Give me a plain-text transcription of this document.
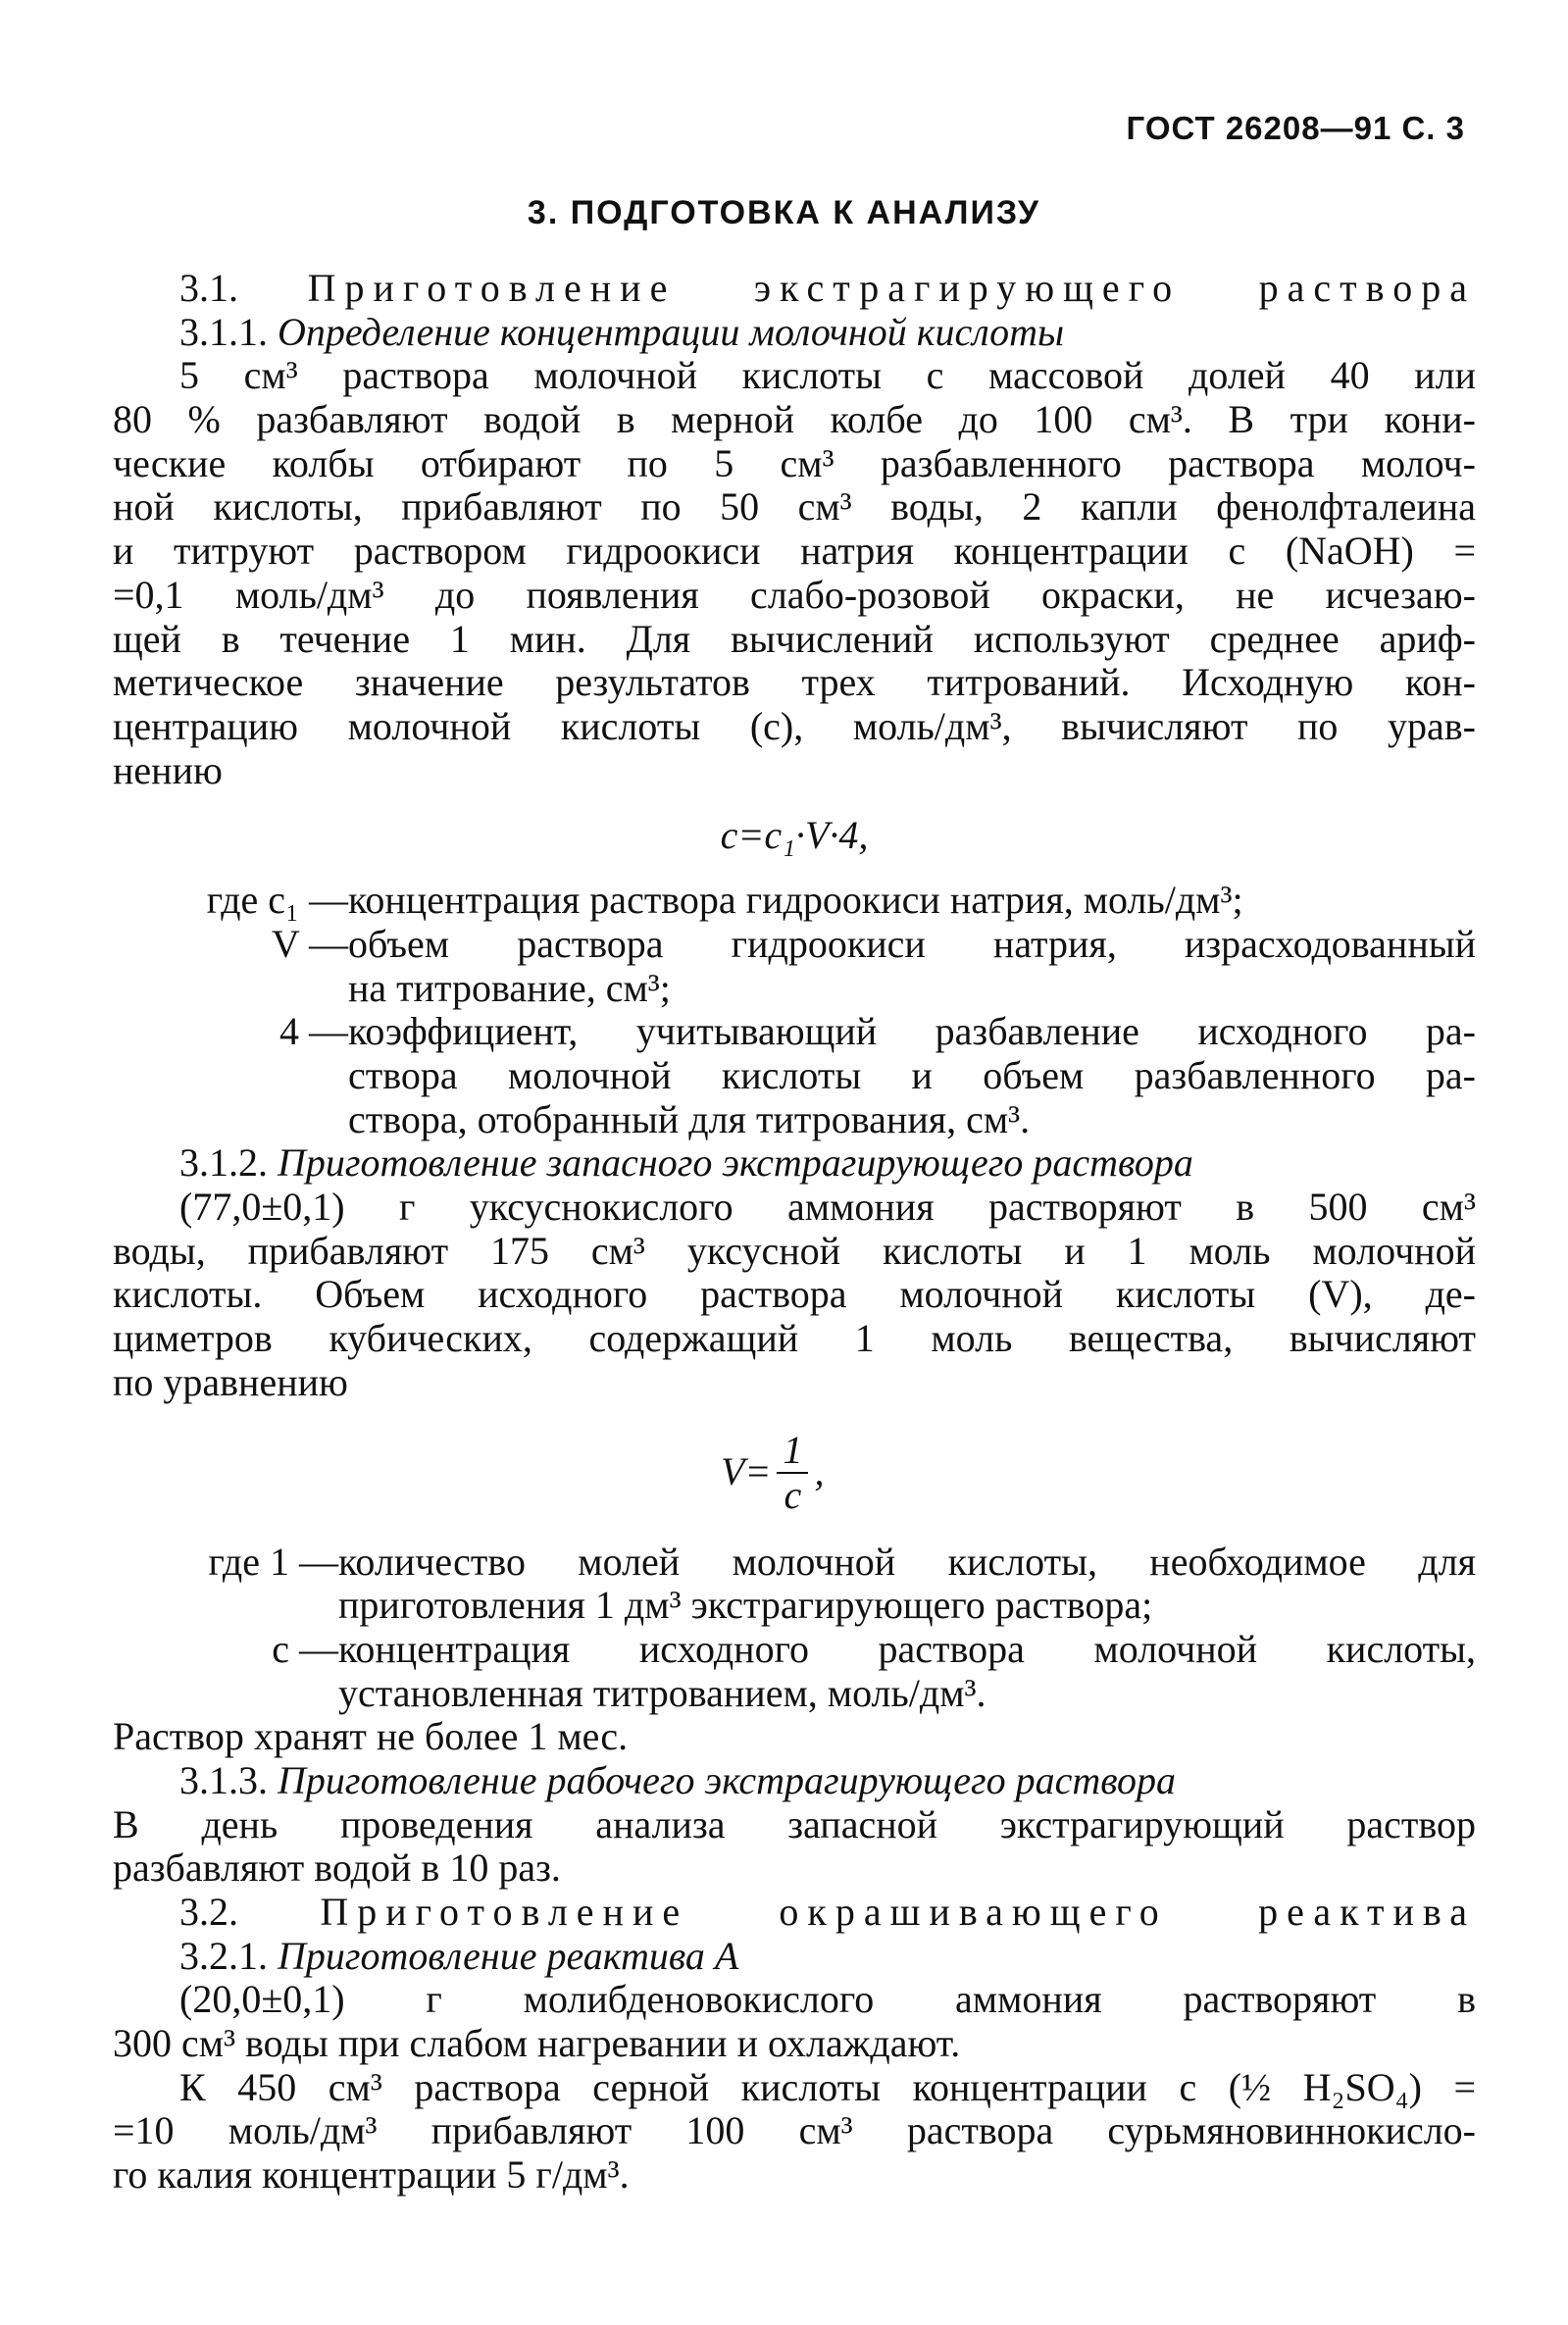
ГОСТ 26208—91 С. 3
3. ПОДГОТОВКА К АНАЛИЗУ
3.1. Приготовление экстрагирующего раствора
3.1.1. Определение концентрации молочной кислоты
5 см³ раствора молочной кислоты с массовой долей 40 или
80 % разбавляют водой в мерной колбе до 100 см³. В три кони-
ческие колбы отбирают по 5 см³ разбавленного раствора молоч-
ной кислоты, прибавляют по 50 см³ воды, 2 капли фенолфталеина
и титруют раствором гидроокиси натрия концентрации c (NaOH) =
=0,1 моль/дм³ до появления слабо-розовой окраски, не исчезаю-
щей в течение 1 мин. Для вычислений используют среднее ариф-
метическое значение результатов трех титрований. Исходную кон-
центрацию молочной кислоты (c), моль/дм³, вычисляют по урав-
нению
c=c₁·V·4,
где c₁ — концентрация раствора гидроокиси натрия, моль/дм³;
V — объем раствора гидроокиси натрия, израсходованный
на титрование, см³;
4 — коэффициент, учитывающий разбавление исходного ра-
створа молочной кислоты и объем разбавленного ра-
створа, отобранный для титрования, см³.
3.1.2. Приготовление запасного экстрагирующего раствора
(77,0±0,1) г уксуснокислого аммония растворяют в 500 см³
воды, прибавляют 175 см³ уксусной кислоты и 1 моль молочной
кислоты. Объем исходного раствора молочной кислоты (V), де-
циметров кубических, содержащий 1 моль вещества, вычисляют
по уравнению
$V= \frac{1}{c}$ ,
где 1 — количество молей молочной кислоты, необходимое для
приготовления 1 дм³ экстрагирующего раствора;
c — концентрация исходного раствора молочной кислоты,
установленная титрованием, моль/дм³.
Раствор хранят не более 1 мес.
3.1.3. Приготовление рабочего экстрагирующего раствора
В день проведения анализа запасной экстрагирующий раствор
разбавляют водой в 10 раз.
3.2. Приготовление окрашивающего реактива
3.2.1. Приготовление реактива А
(20,0±0,1) г молибденовокислого аммония растворяют в
300 см³ воды при слабом нагревании и охлаждают.
К 450 см³ раствора серной кислоты концентрации c (½ H₂SO₄) =
=10 моль/дм³ прибавляют 100 см³ раствора сурьмяновиннокисло-
го калия концентрации 5 г/дм³.
